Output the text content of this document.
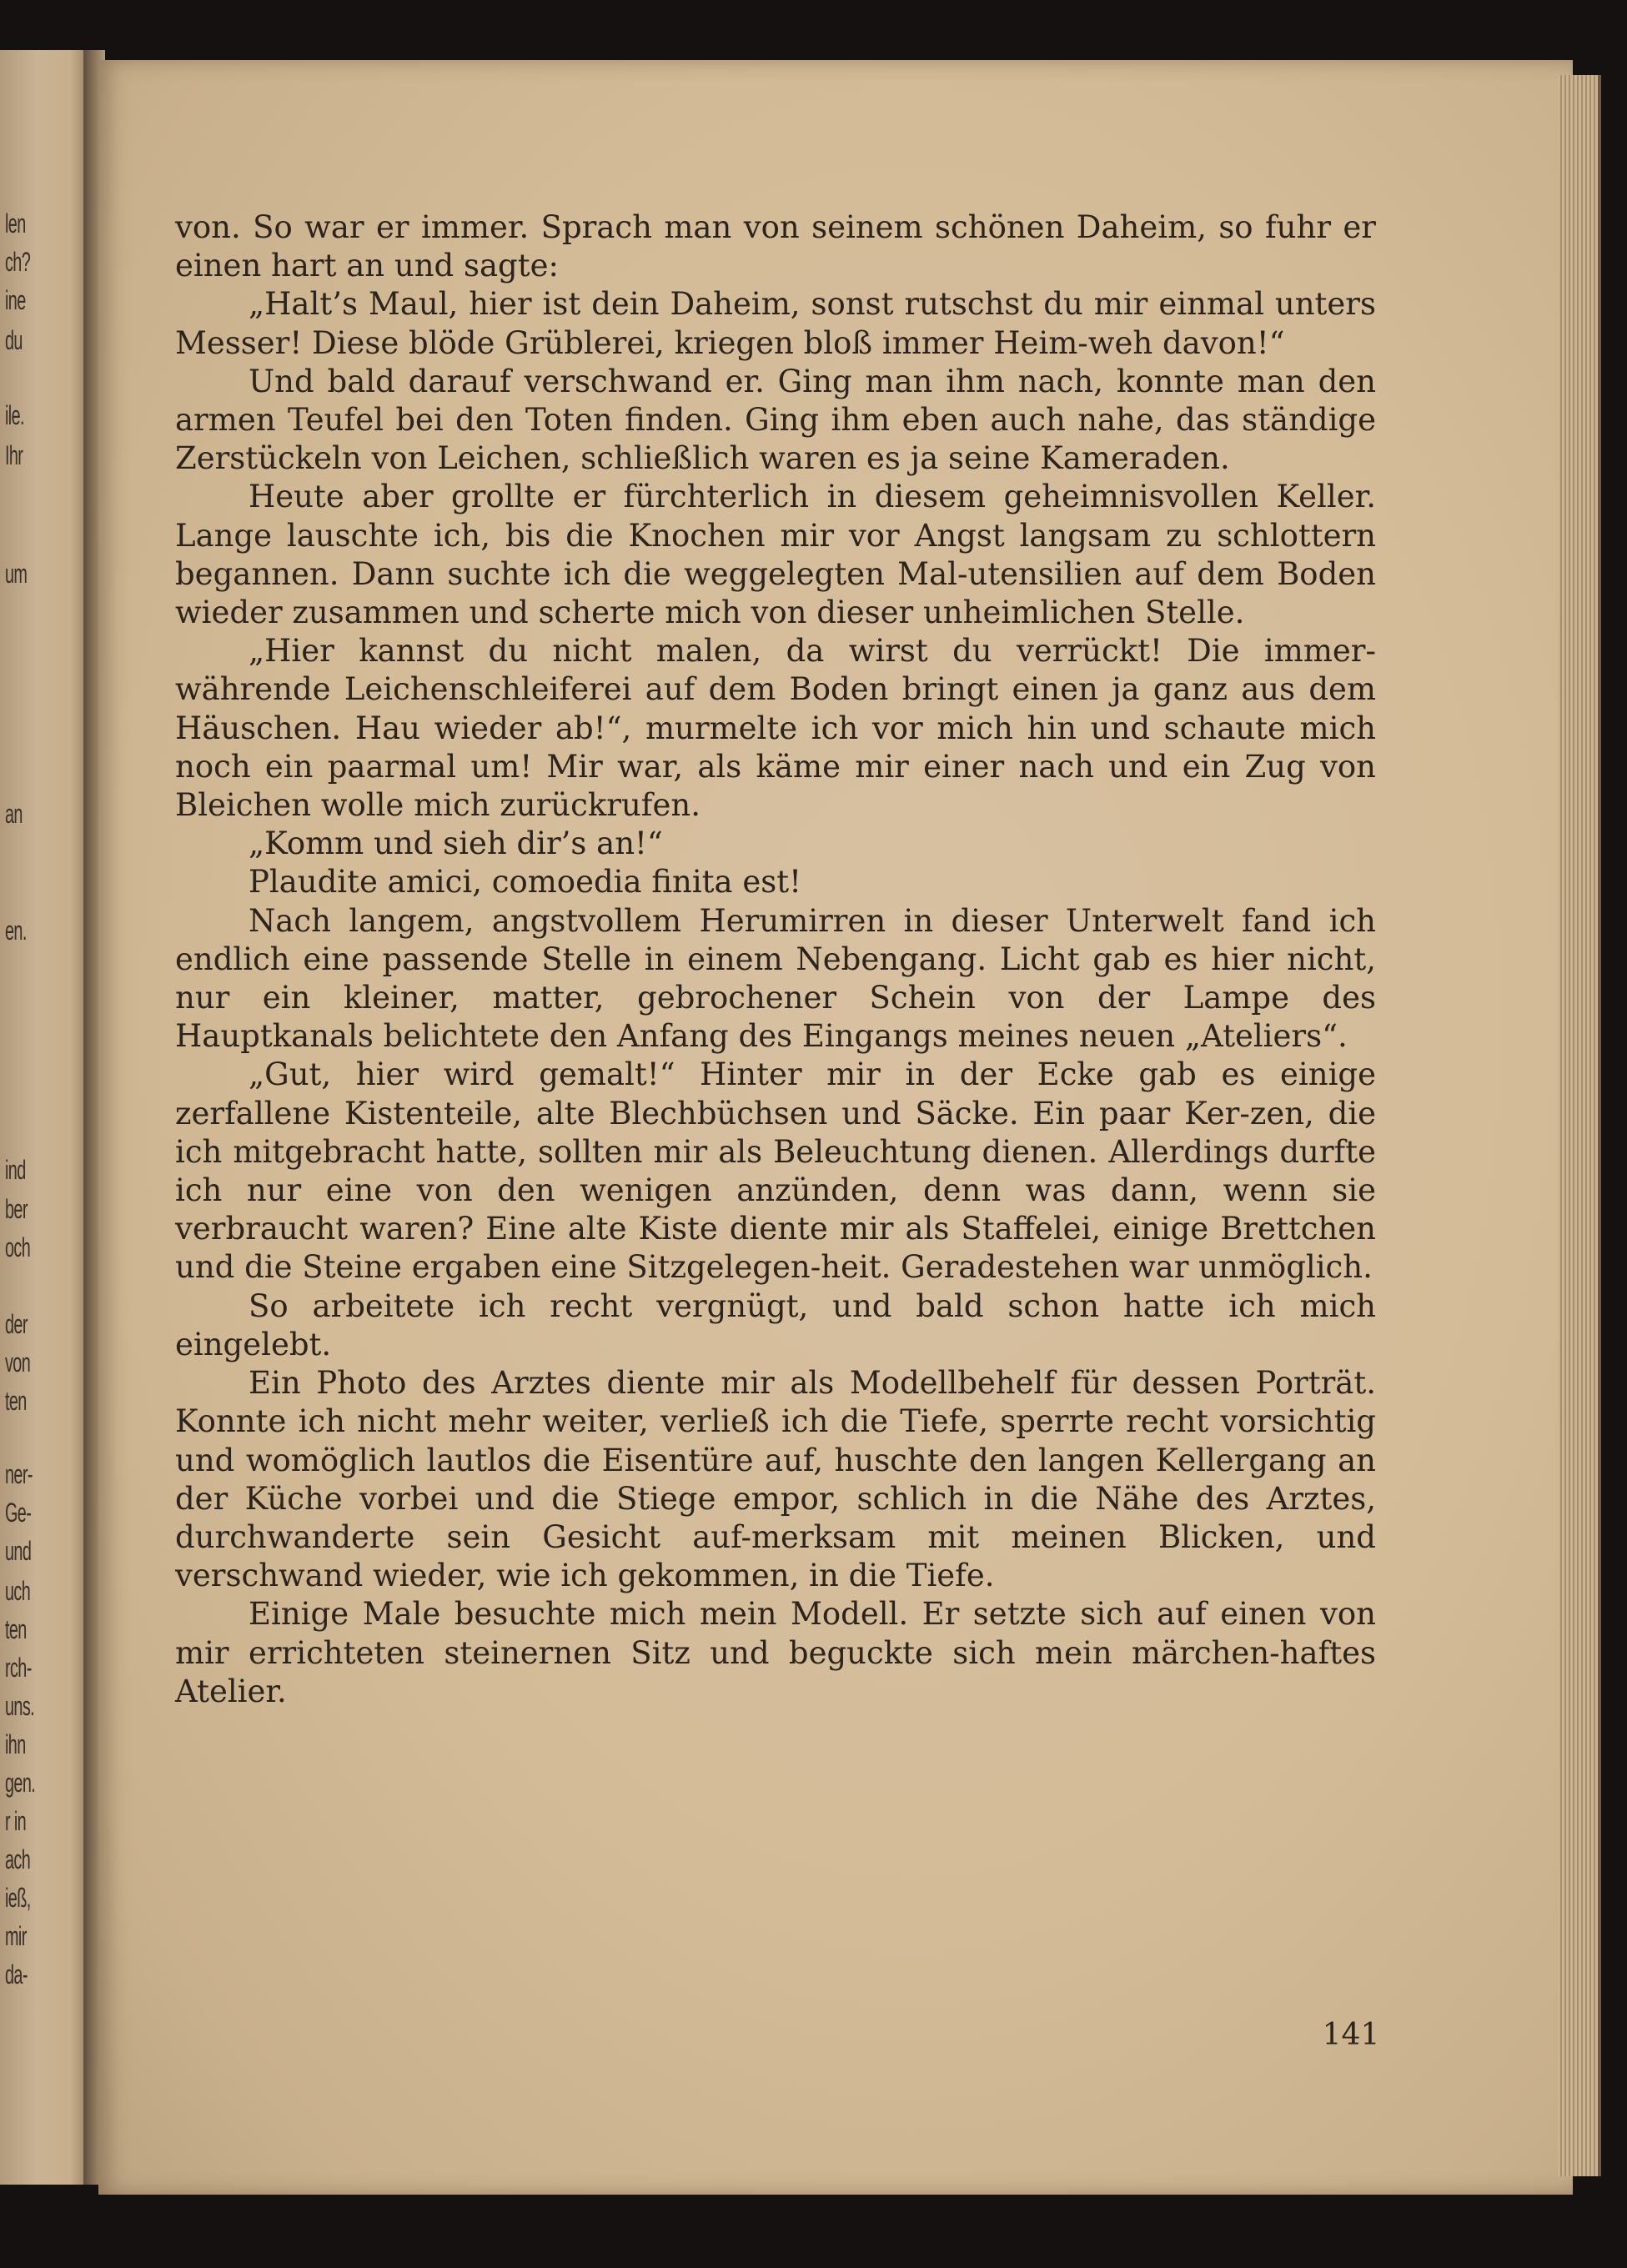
len
ch?
ine
du
ile.
Ihr
um
an
en.
ind
ber
och
der
von
ten
ner-
Ge-
und
uch
ten
rch-
uns.
ihn
gen.
r in
ach
ieß,
mir
da-

von. So war er immer. Sprach man von seinem schönen Daheim, so fuhr er einen hart an und sagte:

„Halt’s Maul, hier ist dein Daheim, sonst rutschst du mir einmal unters Messer! Diese blöde Grüblerei, kriegen bloß immer Heim-weh davon!“

Und bald darauf verschwand er. Ging man ihm nach, konnte man den armen Teufel bei den Toten finden. Ging ihm eben auch nahe, das ständige Zerstückeln von Leichen, schließlich waren es ja seine Kameraden.

Heute aber grollte er fürchterlich in diesem geheimnisvollen Keller. Lange lauschte ich, bis die Knochen mir vor Angst langsam zu schlottern begannen. Dann suchte ich die weggelegten Mal-utensilien auf dem Boden wieder zusammen und scherte mich von dieser unheimlichen Stelle.

„Hier kannst du nicht malen, da wirst du verrückt! Die immer-währende Leichenschleiferei auf dem Boden bringt einen ja ganz aus dem Häuschen. Hau wieder ab!“, murmelte ich vor mich hin und schaute mich noch ein paarmal um! Mir war, als käme mir einer nach und ein Zug von Bleichen wolle mich zurückrufen.

„Komm und sieh dir’s an!“

Plaudite amici, comoedia finita est!

Nach langem, angstvollem Herumirren in dieser Unterwelt fand ich endlich eine passende Stelle in einem Nebengang. Licht gab es hier nicht, nur ein kleiner, matter, gebrochener Schein von der Lampe des Hauptkanals belichtete den Anfang des Eingangs meines neuen „Ateliers“.

„Gut, hier wird gemalt!“ Hinter mir in der Ecke gab es einige zerfallene Kistenteile, alte Blechbüchsen und Säcke. Ein paar Ker-zen, die ich mitgebracht hatte, sollten mir als Beleuchtung dienen. Allerdings durfte ich nur eine von den wenigen anzünden, denn was dann, wenn sie verbraucht waren? Eine alte Kiste diente mir als Staffelei, einige Brettchen und die Steine ergaben eine Sitzgelegen-heit. Geradestehen war unmöglich.

So arbeitete ich recht vergnügt, und bald schon hatte ich mich eingelebt.

Ein Photo des Arztes diente mir als Modellbehelf für dessen Porträt. Konnte ich nicht mehr weiter, verließ ich die Tiefe, sperrte recht vorsichtig und womöglich lautlos die Eisentüre auf, huschte den langen Kellergang an der Küche vorbei und die Stiege empor, schlich in die Nähe des Arztes, durchwanderte sein Gesicht auf-merksam mit meinen Blicken, und verschwand wieder, wie ich gekommen, in die Tiefe.

Einige Male besuchte mich mein Modell. Er setzte sich auf einen von mir errichteten steinernen Sitz und beguckte sich mein märchen-haftes Atelier.

141
